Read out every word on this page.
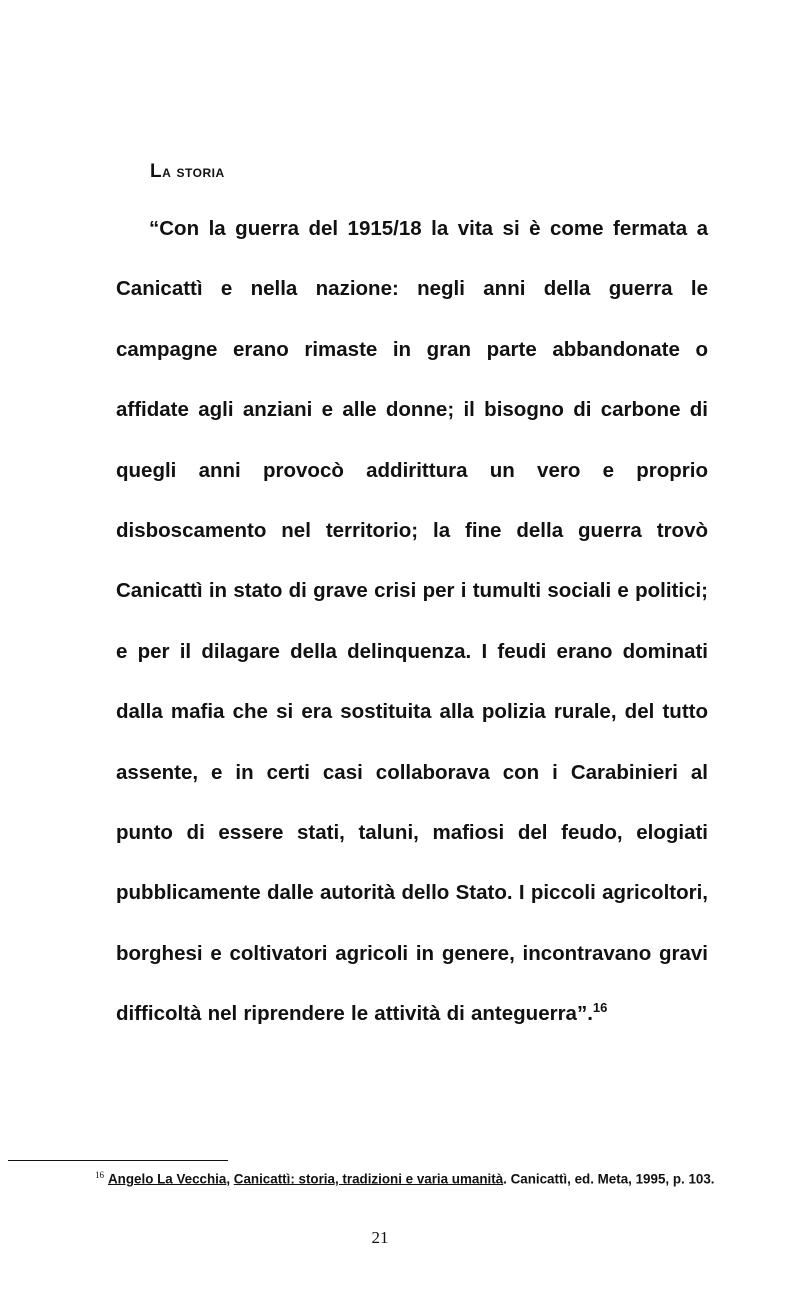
La storia

“Con la guerra del 1915/18 la vita si è come fermata a Canicattì e nella nazione: negli anni della guerra le campagne erano rimaste in gran parte abbandonate o affidate agli anziani e alle donne; il bisogno di carbone di quegli anni provocò addirittura un vero e proprio disboscamento nel territorio; la fine della guerra trovò Canicattì in stato di grave crisi per i tumulti sociali e politici; e per il dilagare della delinquenza. I feudi erano dominati dalla mafia che si era sostituita alla polizia rurale, del tutto assente, e in certi casi collaborava con i Carabinieri al punto di essere stati, taluni, mafiosi del feudo, elogiati pubblicamente dalle autorità dello Stato. I piccoli agricoltori, borghesi e coltivatori agricoli in genere, incontravano gravi difficoltà nel riprendere le attività di anteguerra”.$^{16}$

$^{16}$ Angelo La Vecchia, Canicattì: storia, tradizioni e varia umanità. Canicattì, ed. Meta, 1995, p. 103.

21
